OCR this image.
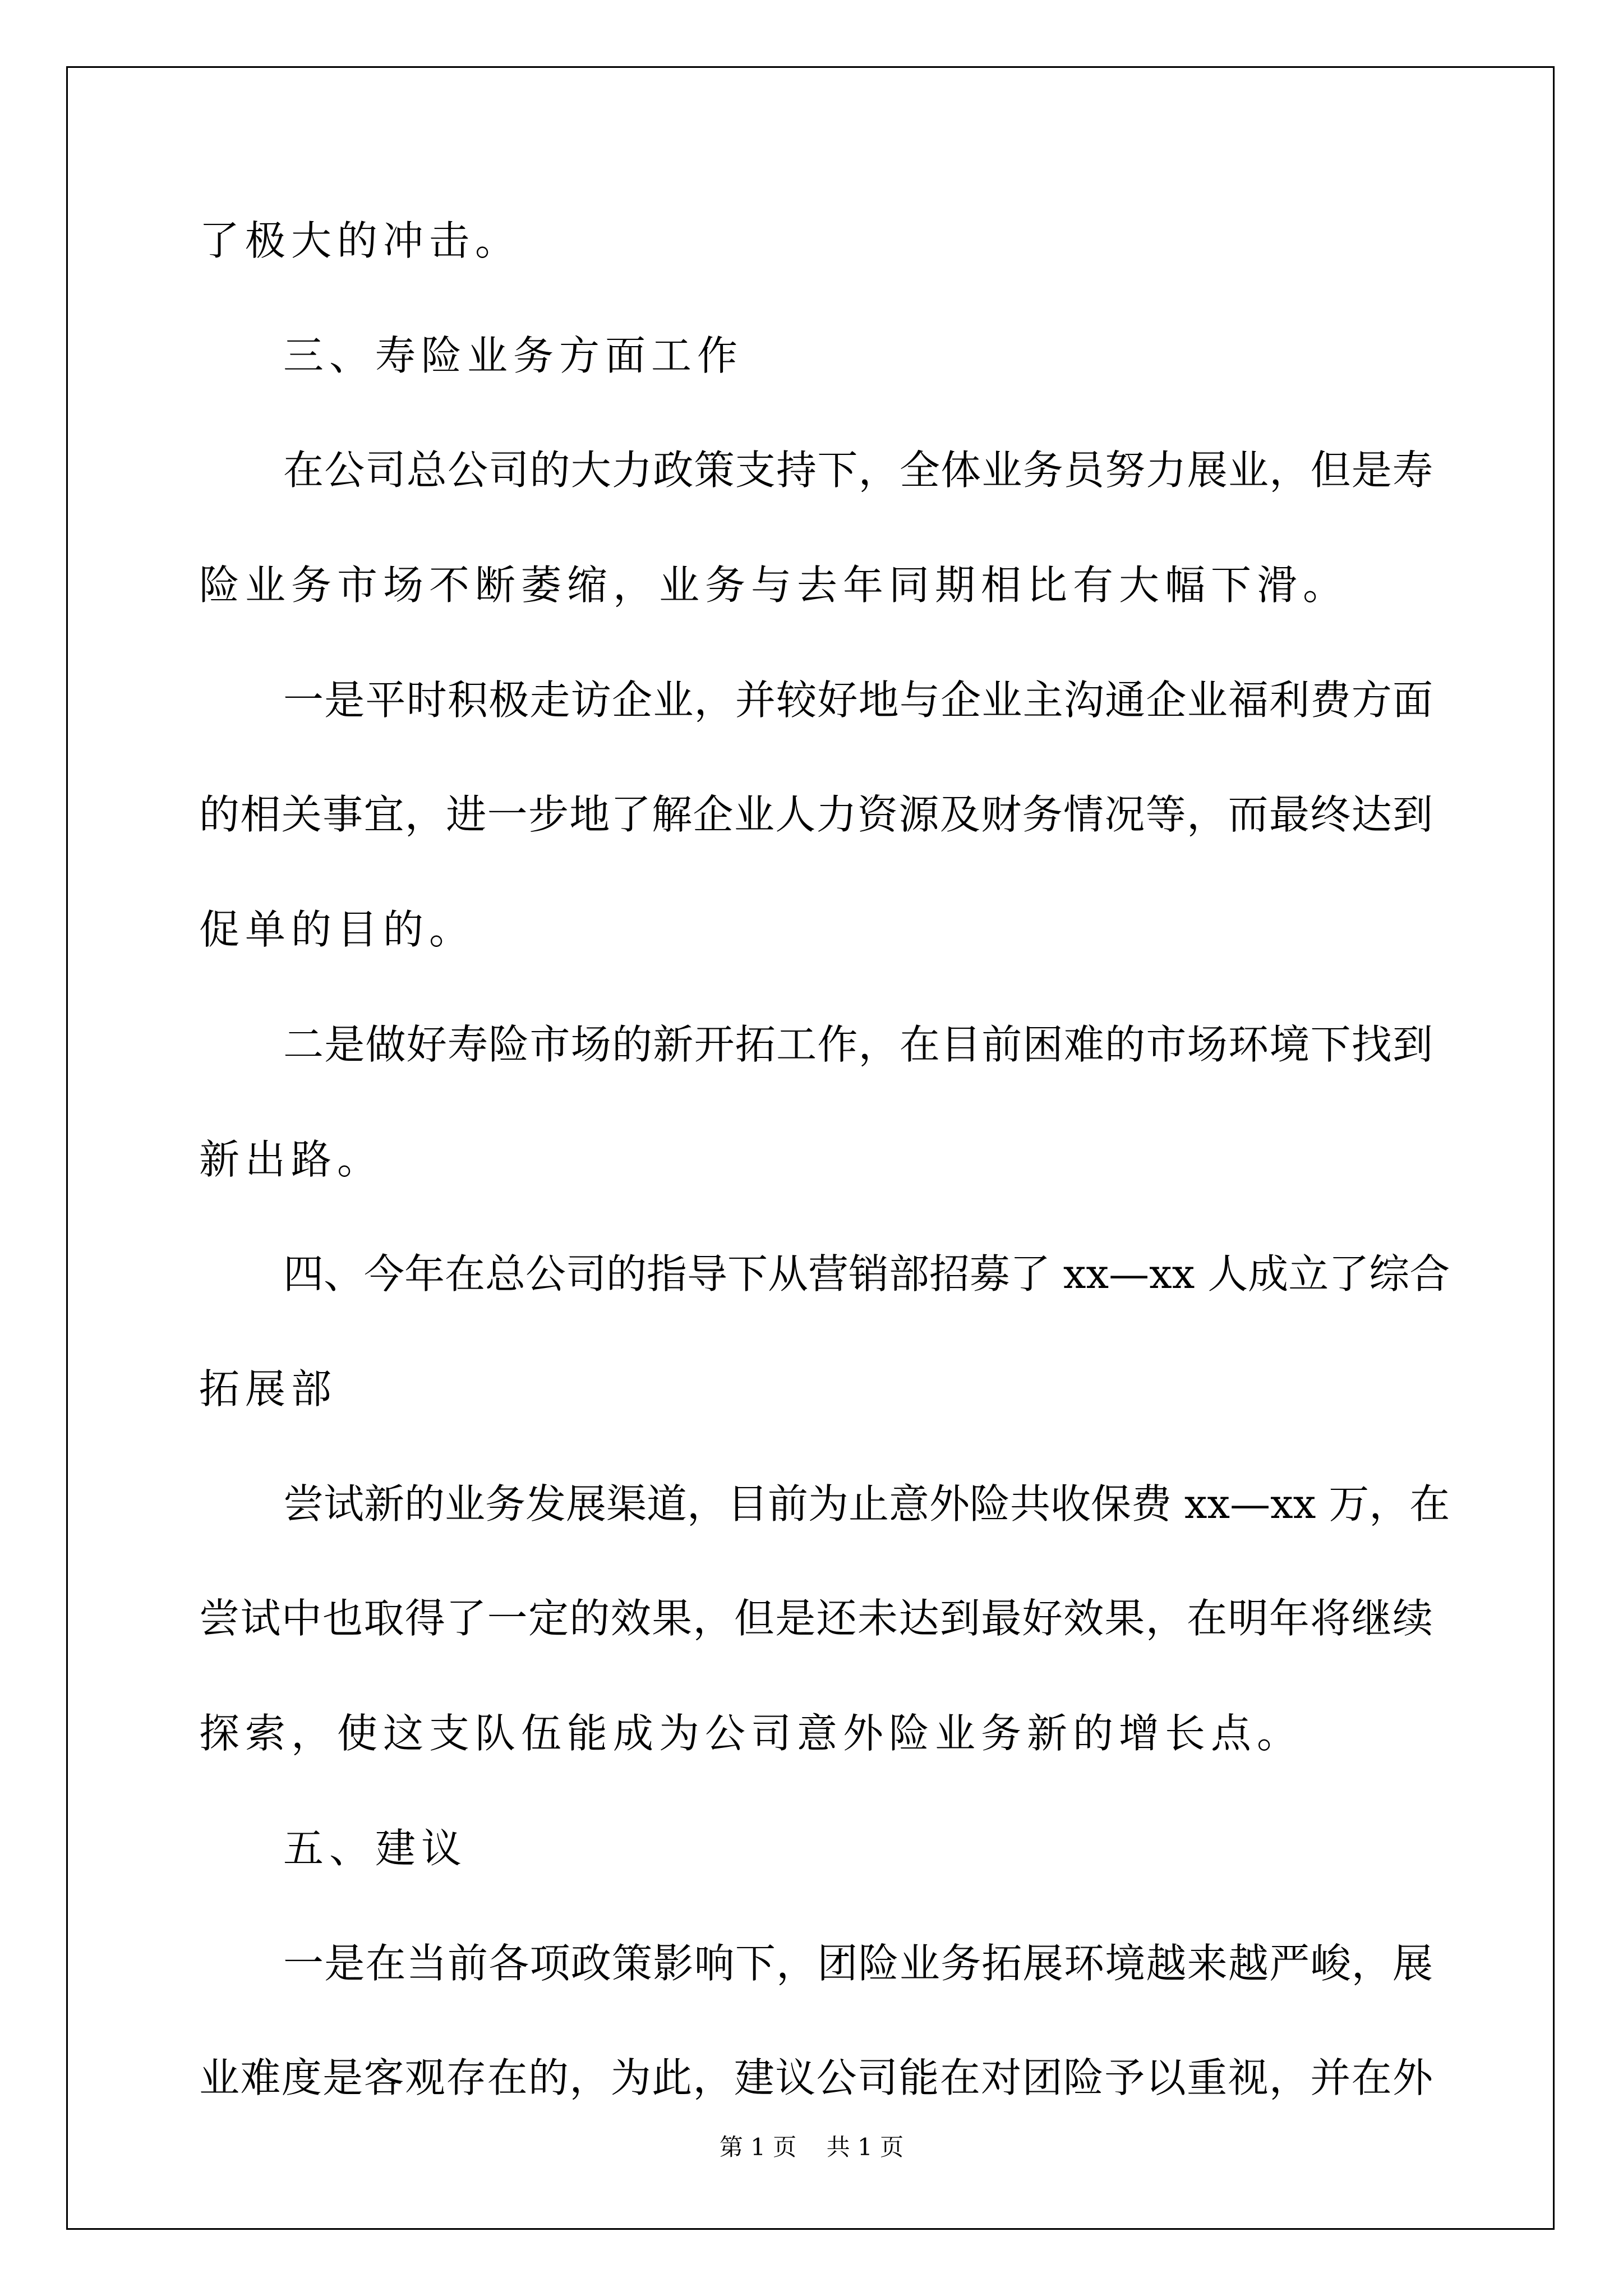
了极大的冲击。
三、寿险业务方面工作
在公司总公司的大力政策支持下，全体业务员努力展业，但是寿
险业务市场不断萎缩，业务与去年同期相比有大幅下滑。
一是平时积极走访企业，并较好地与企业主沟通企业福利费方面
的相关事宜，进一步地了解企业人力资源及财务情况等，而最终达到
促单的目的。
二是做好寿险市场的新开拓工作，在目前困难的市场环境下找到
新出路。
四、今年在总公司的指导下从营销部招募了 xx—xx 人成立了综合
拓展部
尝试新的业务发展渠道，目前为止意外险共收保费 xx—xx 万，在
尝试中也取得了一定的效果，但是还未达到最好效果，在明年将继续
探索，使这支队伍能成为公司意外险业务新的增长点。
五、建议
一是在当前各项政策影响下，团险业务拓展环境越来越严峻，展
业难度是客观存在的，为此，建议公司能在对团险予以重视，并在外
第 1 页 共 1 页
